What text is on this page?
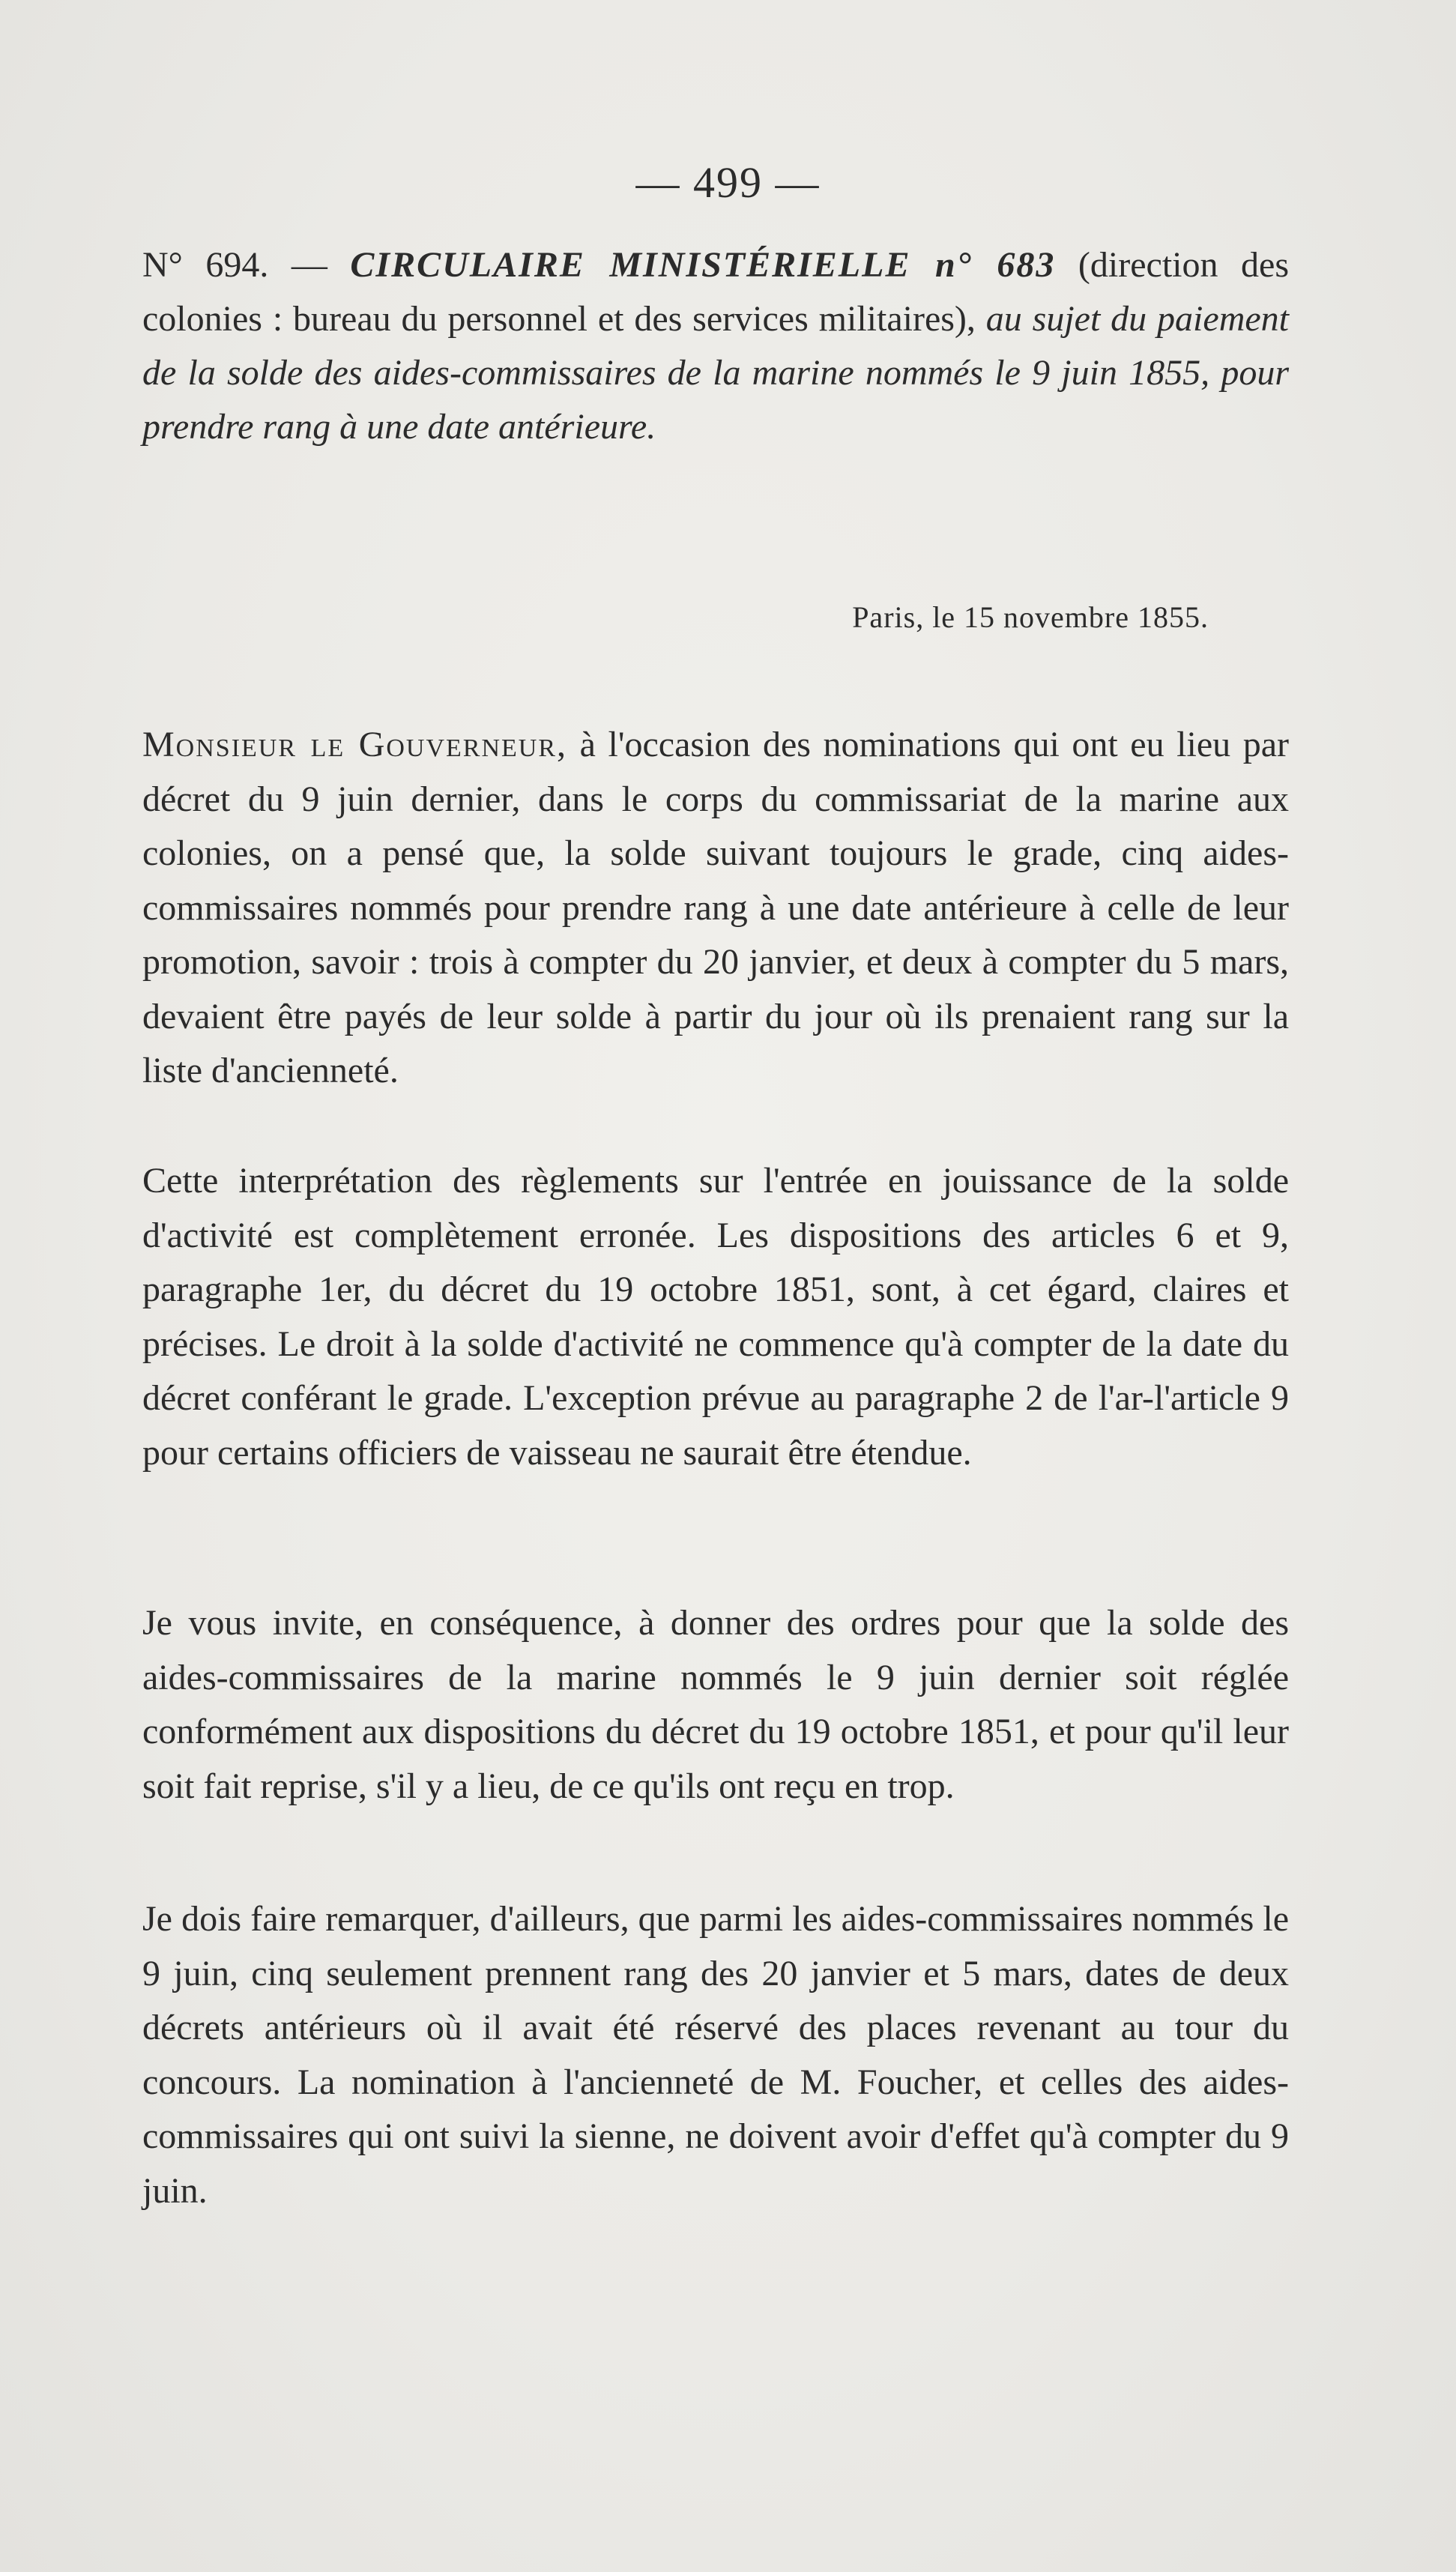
— 499 —
N° 694. — CIRCULAIRE MINISTÉRIELLE n° 683 (direction des colonies : bureau du personnel et des services militaires), au sujet du paiement de la solde des aides-commissaires de la marine nommés le 9 juin 1855, pour prendre rang à une date antérieure.
Paris, le 15 novembre 1855.

Monsieur le Gouverneur, à l'occasion des nominations qui ont eu lieu par décret du 9 juin dernier, dans le corps du commissariat de la marine aux colonies, on a pensé que, la solde suivant toujours le grade, cinq aides-commissaires nommés pour prendre rang à une date antérieure à celle de leur promotion, savoir : trois à compter du 20 janvier, et deux à compter du 5 mars, devaient être payés de leur solde à partir du jour où ils prenaient rang sur la liste d'ancienneté.

Cette interprétation des règlements sur l'entrée en jouissance de la solde d'activité est complètement erronée. Les dispositions des articles 6 et 9, paragraphe 1er, du décret du 19 octobre 1851, sont, à cet égard, claires et précises. Le droit à la solde d'activité ne commence qu'à compter de la date du décret conférant le grade. L'exception prévue au paragraphe 2 de l'ar-l'article 9 pour certains officiers de vaisseau ne saurait être étendue.

Je vous invite, en conséquence, à donner des ordres pour que la solde des aides-commissaires de la marine nommés le 9 juin dernier soit réglée conformément aux dispositions du décret du 19 octobre 1851, et pour qu'il leur soit fait reprise, s'il y a lieu, de ce qu'ils ont reçu en trop.

Je dois faire remarquer, d'ailleurs, que parmi les aides-commissaires nommés le 9 juin, cinq seulement prennent rang des 20 janvier et 5 mars, dates de deux décrets antérieurs où il avait été réservé des places revenant au tour du concours. La nomination à l'ancienneté de M. Foucher, et celles des aides-commissaires qui ont suivi la sienne, ne doivent avoir d'effet qu'à compter du 9 juin.
